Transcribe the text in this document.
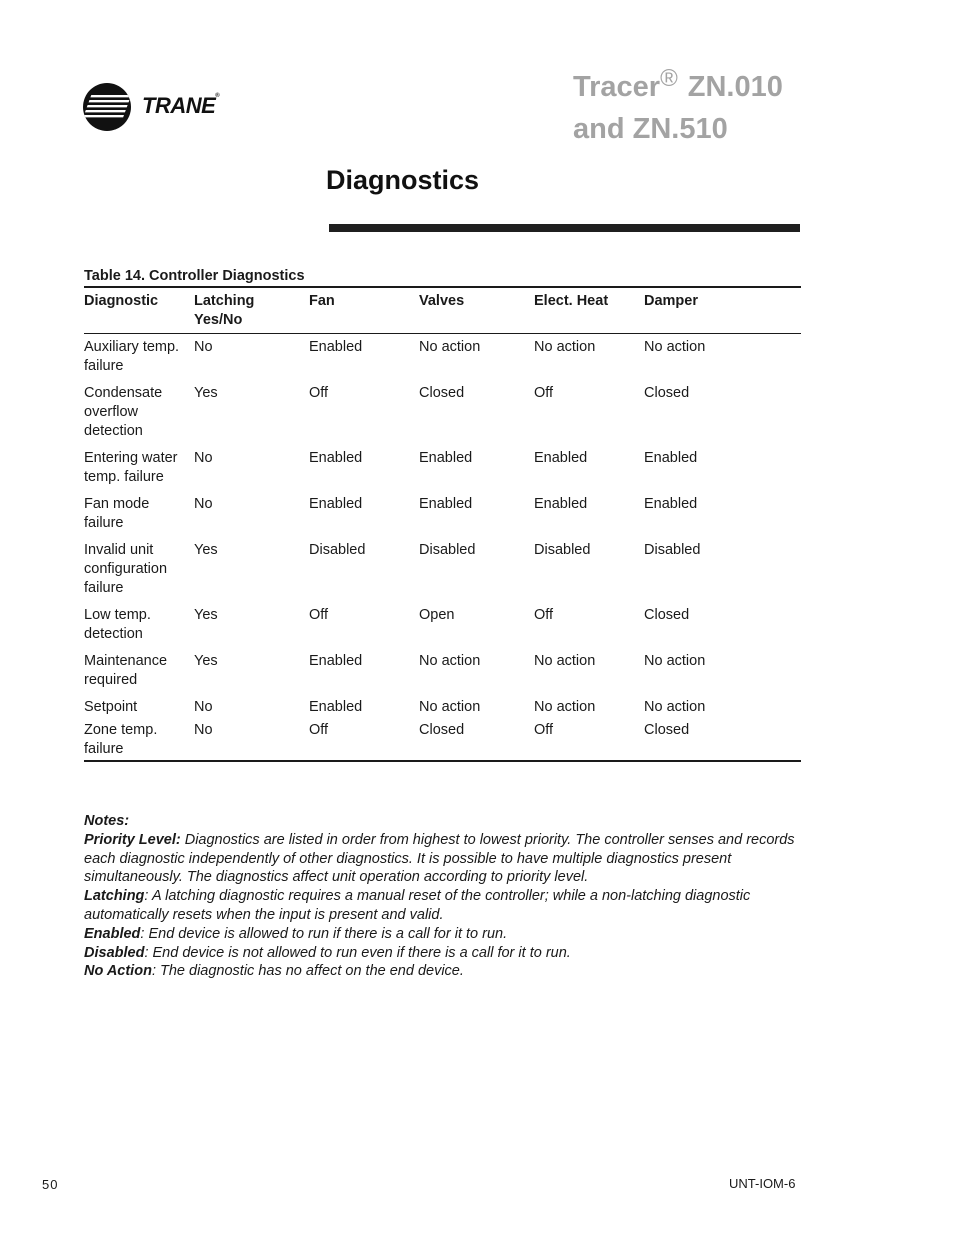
TRANE®	Tracer® ZN.010
and ZN.510
Diagnostics
Table 14. Controller Diagnostics
Diagnostic	Latching Yes/No	Fan	Valves	Elect. Heat	Damper
Auxiliary temp. failure	No	Enabled	No action	No action	No action
Condensate overflow detection	Yes	Off	Closed	Off	Closed
Entering water temp. failure	No	Enabled	Enabled	Enabled	Enabled
Fan mode failure	No	Enabled	Enabled	Enabled	Enabled
Invalid unit configuration failure	Yes	Disabled	Disabled	Disabled	Disabled
Low temp. detection	Yes	Off	Open	Off	Closed
Maintenance required	Yes	Enabled	No action	No action	No action
Setpoint	No	Enabled	No action	No action	No action
Zone temp. failure	No	Off	Closed	Off	Closed
Notes:
Priority Level: Diagnostics are listed in order from highest to lowest priority. The controller senses and records each diagnostic independently of other diagnostics. It is possible to have multiple diagnostics present simultaneously. The diagnostics affect unit operation according to priority level.
Latching: A latching diagnostic requires a manual reset of the controller; while a non-latching diagnostic automatically resets when the input is present and valid.
Enabled: End device is allowed to run if there is a call for it to run.
Disabled: End device is not allowed to run even if there is a call for it to run.
No Action: The diagnostic has no affect on the end device.
50	UNT-IOM-6
